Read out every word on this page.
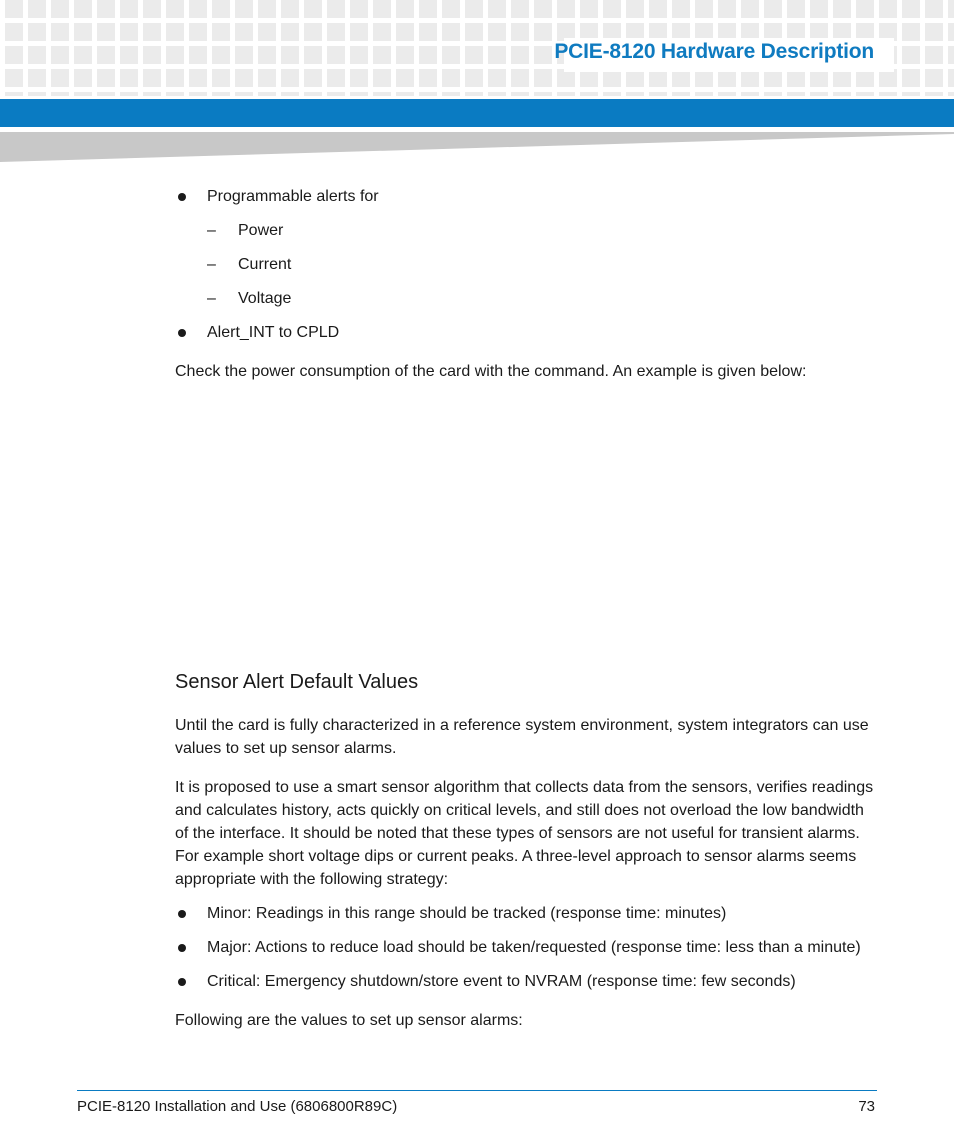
PCIE-8120 Hardware Description
Programmable alerts for
– Power
– Current
– Voltage
Alert_INT to CPLD

Check the power consumption of the card with the command. An example is given below:

Sensor Alert Default Values

Until the card is fully characterized in a reference system environment, system integrators can use values to set up sensor alarms.

It is proposed to use a smart sensor algorithm that collects data from the sensors, verifies readings and calculates history, acts quickly on critical levels, and still does not overload the low bandwidth of the interface. It should be noted that these types of sensors are not useful for transient alarms. For example short voltage dips or current peaks. A three-level approach to sensor alarms seems appropriate with the following strategy:

Minor: Readings in this range should be tracked (response time: minutes)
Major: Actions to reduce load should be taken/requested (response time: less than a minute)
Critical: Emergency shutdown/store event to NVRAM (response time: few seconds)

Following are the values to set up sensor alarms:

PCIE-8120 Installation and Use (6806800R89C)	73
